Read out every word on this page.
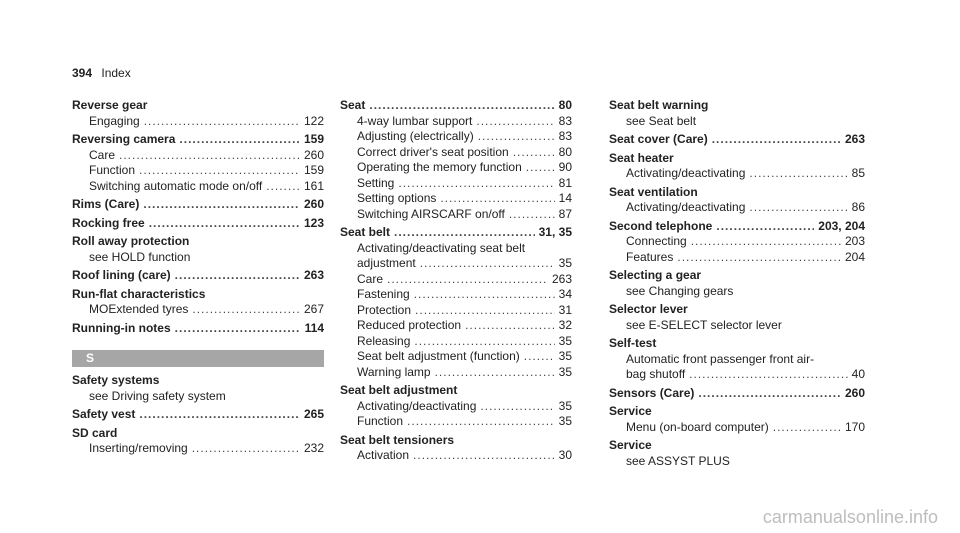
394 Index
Reverse gear
Engaging .....	122
Reversing camera .....	159
Care .....	260
Function .....	159
Switching automatic mode on/off .....	161
Rims (Care) .....	260
Rocking free .....	123
Roll away protection
see HOLD function
Roof lining (care) .....	263
Run-flat characteristics
MOExtended tyres .....	267
Running-in notes .....	114
S
Safety systems
see Driving safety system
Safety vest .....	265
SD card
Inserting/removing .....	232
Seat .....	80
4-way lumbar support .....	83
Adjusting (electrically) .....	83
Correct driver's seat position .....	80
Operating the memory function .....	90
Setting .....	81
Setting options .....	14
Switching AIRSCARF on/off .....	87
Seat belt .....	31, 35
Activating/deactivating seat belt
adjustment .....	35
Care .....	263
Fastening .....	34
Protection .....	31
Reduced protection .....	32
Releasing .....	35
Seat belt adjustment (function) .....	35
Warning lamp .....	35
Seat belt adjustment
Activating/deactivating .....	35
Function .....	35
Seat belt tensioners
Activation .....	30
Seat belt warning
see Seat belt
Seat cover (Care) .....	263
Seat heater
Activating/deactivating .....	85
Seat ventilation
Activating/deactivating .....	86
Second telephone .....	203, 204
Connecting .....	203
Features .....	204
Selecting a gear
see Changing gears
Selector lever
see E-SELECT selector lever
Self-test
Automatic front passenger front air-
bag shutoff .....	40
Sensors (Care) .....	260
Service
Menu (on-board computer) .....	170
Service
see ASSYST PLUS
carmanualsonline.info
